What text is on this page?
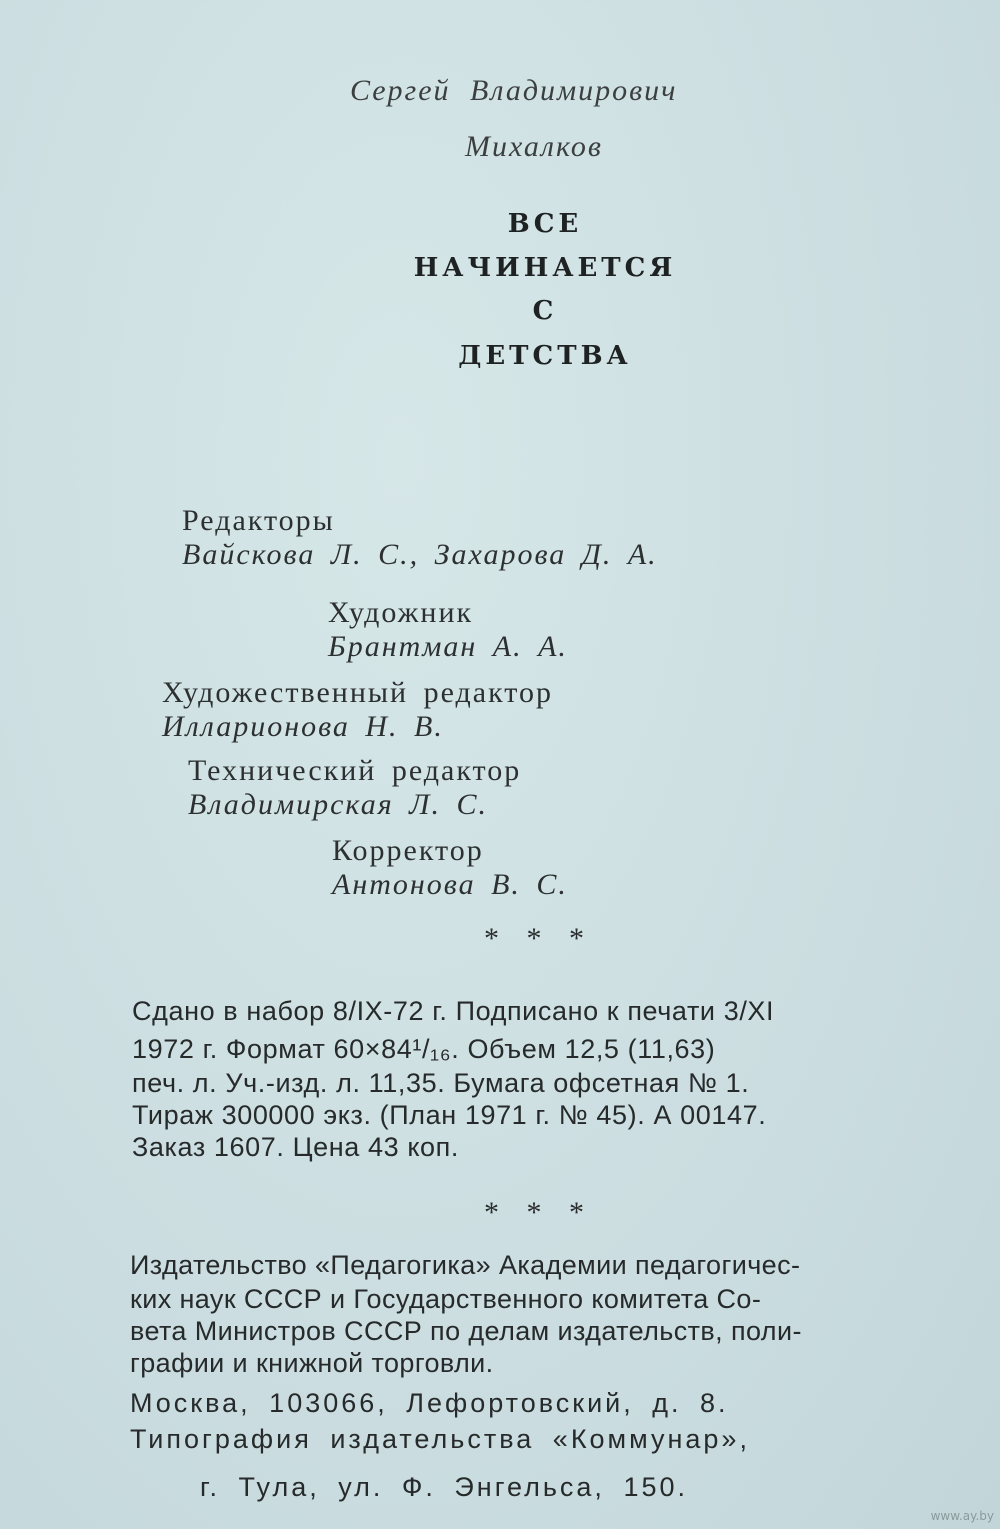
Сергей Владимирович
Михалков
ВСЕ
НАЧИНАЕТСЯ
С
ДЕТСТВА

Редакторы
Вайскова Л. С., Захарова Д. А.

Художник
Брантман А. А.

Художественный редактор
Илларионова Н. В.

Технический редактор
Владимирская Л. С.

Корректор
Антонова В. С.

* * *
Сдано в набор 8/IX-72 г. Подписано к печати 3/XI
1972 г. Формат 60×84¹/₁₆. Объем 12,5 (11,63)
печ. л. Уч.-изд. л. 11,35. Бумага офсетная № 1.
Тираж 300000 экз. (План 1971 г. № 45). А 00147.
Заказ 1607. Цена 43 коп.
* * *
Издательство «Педагогика» Академии педагогичес-
ких наук СССР и Государственного комитета Со-
вета Министров СССР по делам издательств, поли-
графии и книжной торговли.
Москва, 103066, Лефортовский, д. 8.
Типография издательства «Коммунар»,
г. Тула, ул. Ф. Энгельса, 150.
www.ay.by
